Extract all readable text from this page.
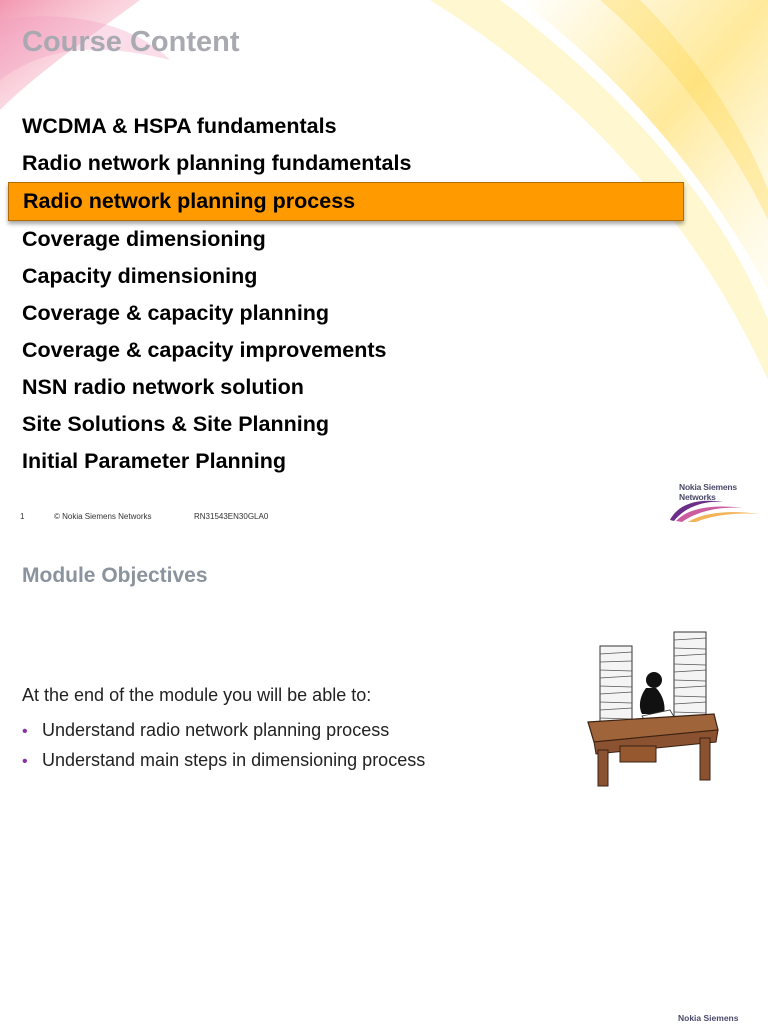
Course Content
WCDMA & HSPA fundamentals
Radio network planning fundamentals
Radio network planning process
Coverage dimensioning
Capacity dimensioning
Coverage & capacity planning
Coverage & capacity improvements
NSN radio network solution
Site Solutions & Site Planning
Initial Parameter Planning
1	© Nokia Siemens Networks	RN31543EN30GLA0
Nokia Siemens
Networks
Module Objectives

At the end of the module you will be able to:

• Understand radio network planning process
• Understand main steps in dimensioning process
Nokia Siemens
